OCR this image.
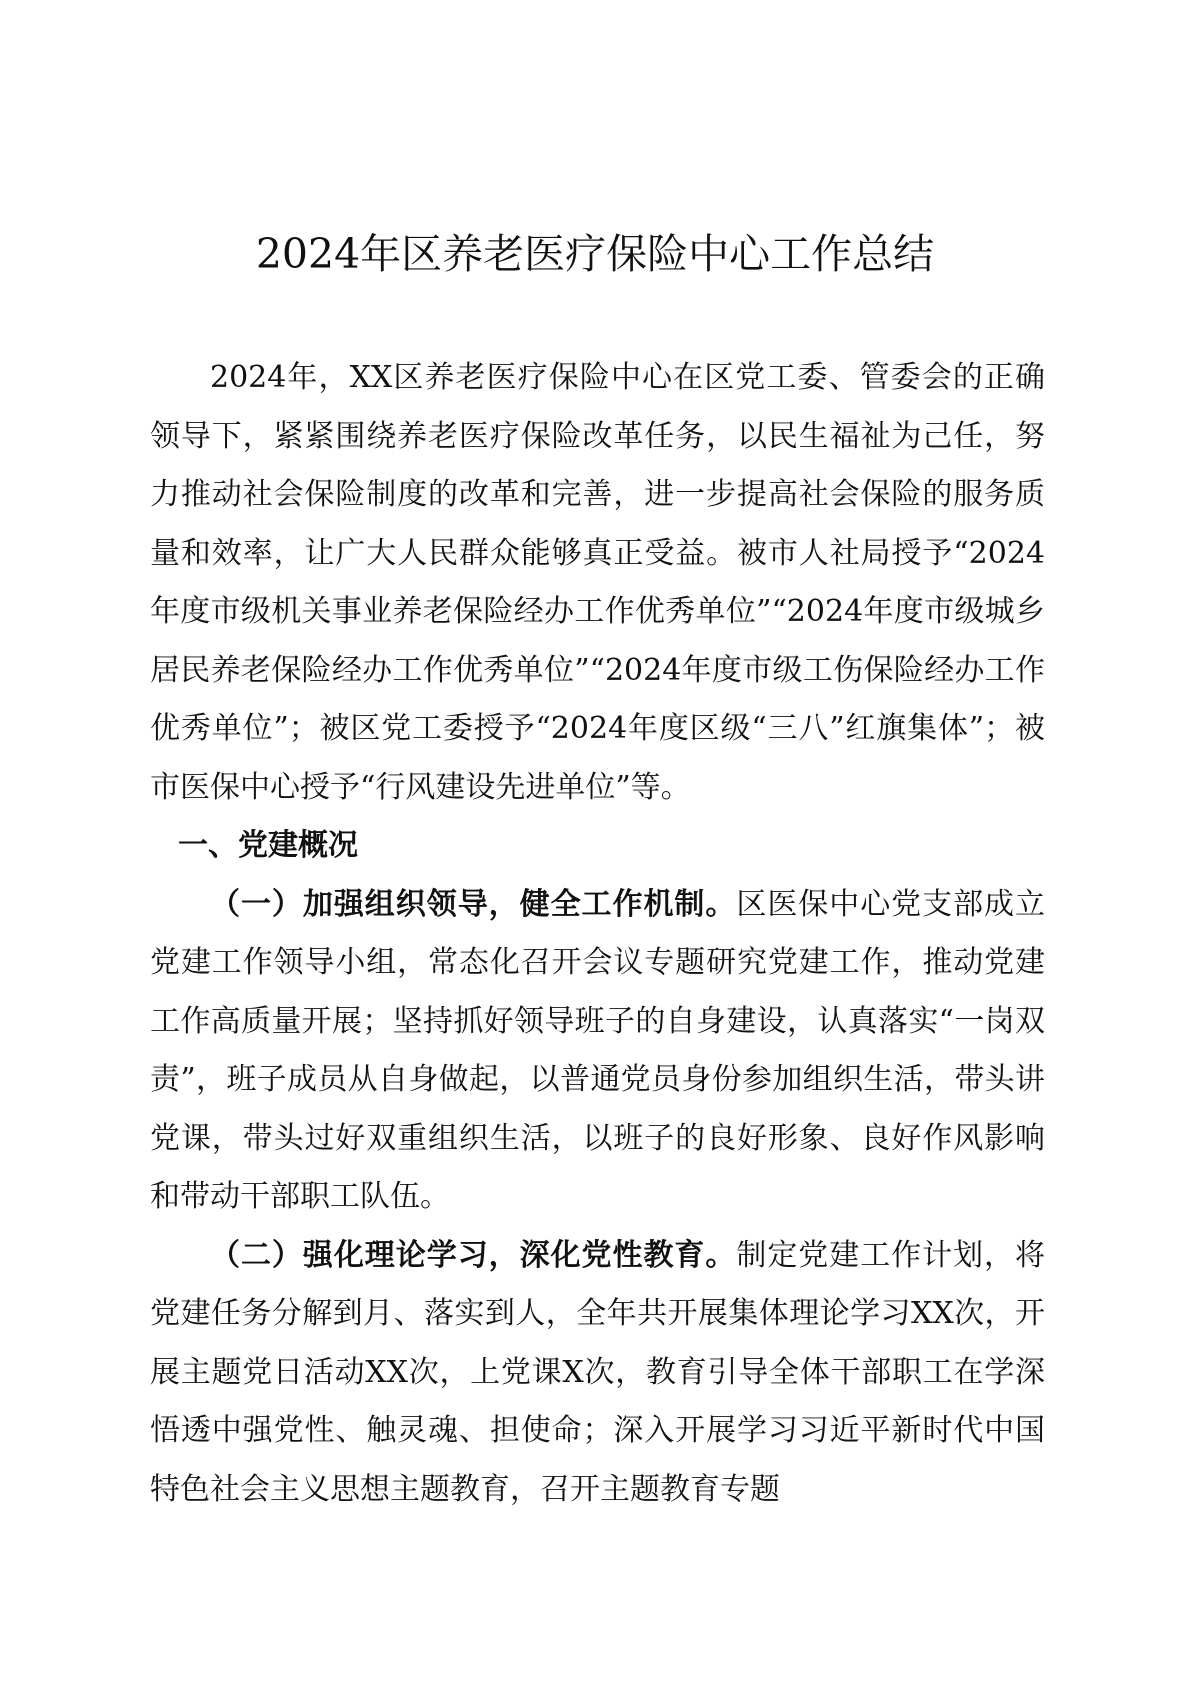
2024年区养老医疗保险中心工作总结

2024年，XX区养老医疗保险中心在区党工委、管委会的正确领导下，紧紧围绕养老医疗保险改革任务，以民生福祉为己任，努力推动社会保险制度的改革和完善，进一步提高社会保险的服务质量和效率，让广大人民群众能够真正受益。被市人社局授予“2024年度市级机关事业养老保险经办工作优秀单位”“2024年度市级城乡居民养老保险经办工作优秀单位”“2024年度市级工伤保险经办工作优秀单位”；被区党工委授予“2024年度区级“三八”红旗集体”；被市医保中心授予“行风建设先进单位”等。

一、党建概况

（一）加强组织领导，健全工作机制。区医保中心党支部成立党建工作领导小组，常态化召开会议专题研究党建工作，推动党建工作高质量开展；坚持抓好领导班子的自身建设，认真落实“一岗双责”，班子成员从自身做起，以普通党员身份参加组织生活，带头讲党课，带头过好双重组织生活，以班子的良好形象、良好作风影响和带动干部职工队伍。

（二）强化理论学习，深化党性教育。制定党建工作计划，将党建任务分解到月、落实到人，全年共开展集体理论学习XX次，开展主题党日活动XX次，上党课X次，教育引导全体干部职工在学深悟透中强党性、触灵魂、担使命；深入开展学习习近平新时代中国特色社会主义思想主题教育，召开主题教育专题
